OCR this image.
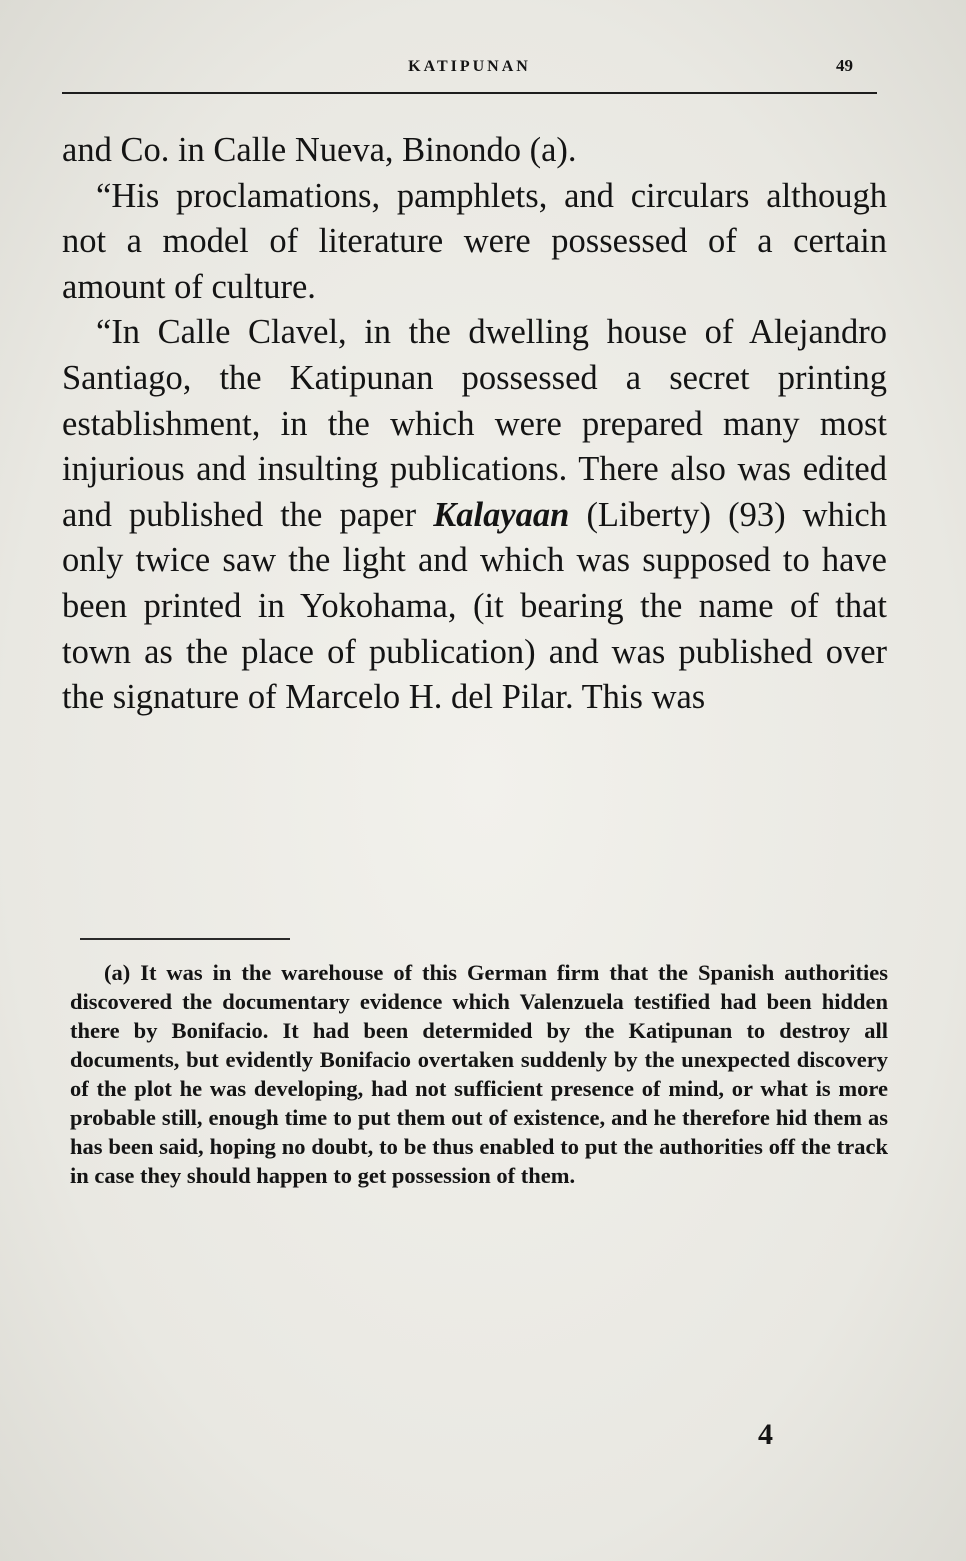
KATIPUNAN	49

and Co. in Calle Nueva, Binondo (a).

“His proclamations, pamphlets, and circulars although not a model of literature were possessed of a certain amount of culture.

“In Calle Clavel, in the dwelling house of Alejandro Santiago, the Katipunan possessed a secret printing establishment, in the which were prepared many most injurious and insulting publications. There also was edited and published the paper Kalayaan (Liberty) (93) which only twice saw the light and which was supposed to have been printed in Yokohama, (it bearing the name of that town as the place of publication) and was published over the signature of Marcelo H. del Pilar. This was

(a) It was in the warehouse of this German firm that the Spanish authorities discovered the documentary evidence which Valenzuela testified had been hidden there by Bonifacio. It had been determided by the Katipunan to destroy all documents, but evidently Bonifacio overtaken suddenly by the unexpected discovery of the plot he was developing, had not sufficient presence of mind, or what is more probable still, enough time to put them out of existence, and he therefore hid them as has been said, hoping no doubt, to be thus enabled to put the authorities off the track in case they should happen to get possession of them.

4
